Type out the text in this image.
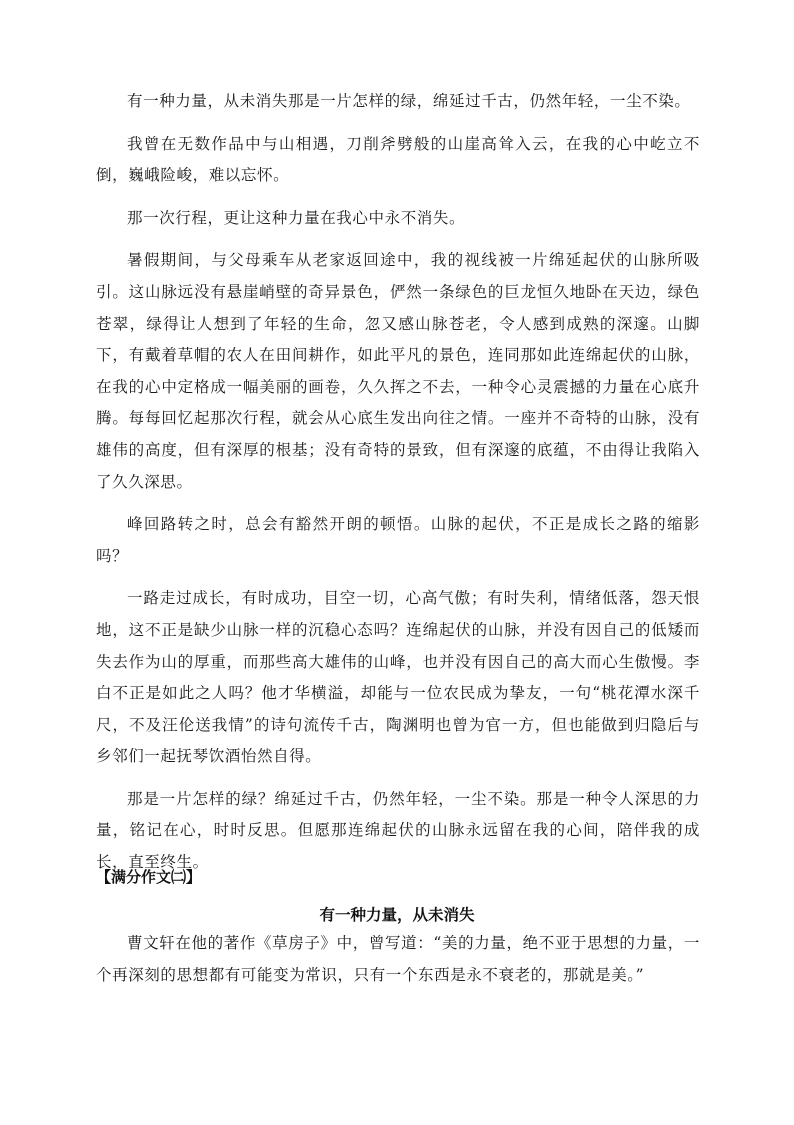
有一种力量，从未消失那是一片怎样的绿，绵延过千古，仍然年轻，一尘不染。

我曾在无数作品中与山相遇，刀削斧劈般的山崖高耸入云，在我的心中屹立不倒，巍峨险峻，难以忘怀。

那一次行程，更让这种力量在我心中永不消失。

暑假期间，与父母乘车从老家返回途中，我的视线被一片绵延起伏的山脉所吸引。这山脉远没有悬崖峭壁的奇异景色，俨然一条绿色的巨龙恒久地卧在天边，绿色苍翠，绿得让人想到了年轻的生命，忽又感山脉苍老，令人感到成熟的深邃。山脚下，有戴着草帽的农人在田间耕作，如此平凡的景色，连同那如此连绵起伏的山脉，在我的心中定格成一幅美丽的画卷，久久挥之不去，一种令心灵震撼的力量在心底升腾。每每回忆起那次行程，就会从心底生发出向往之情。一座并不奇特的山脉，没有雄伟的高度，但有深厚的根基；没有奇特的景致，但有深邃的底蕴，不由得让我陷入了久久深思。

峰回路转之时，总会有豁然开朗的顿悟。山脉的起伏，不正是成长之路的缩影吗？

一路走过成长，有时成功，目空一切，心高气傲；有时失利，情绪低落，怨天恨地，这不正是缺少山脉一样的沉稳心态吗？连绵起伏的山脉，并没有因自己的低矮而失去作为山的厚重，而那些高大雄伟的山峰，也并没有因自己的高大而心生傲慢。李白不正是如此之人吗？他才华横溢，却能与一位农民成为挚友，一句“桃花潭水深千尺，不及汪伦送我情”的诗句流传千古，陶渊明也曾为官一方，但也能做到归隐后与乡邻们一起抚琴饮酒怡然自得。

那是一片怎样的绿？绵延过千古，仍然年轻，一尘不染。那是一种令人深思的力量，铭记在心，时时反思。但愿那连绵起伏的山脉永远留在我的心间，陪伴我的成长，直至终生。

【满分作文㈡】
有一种力量，从未消失

曹文轩在他的著作《草房子》中，曾写道：“美的力量，绝不亚于思想的力量，一个再深刻的思想都有可能变为常识，只有一个东西是永不衰老的，那就是美。”
